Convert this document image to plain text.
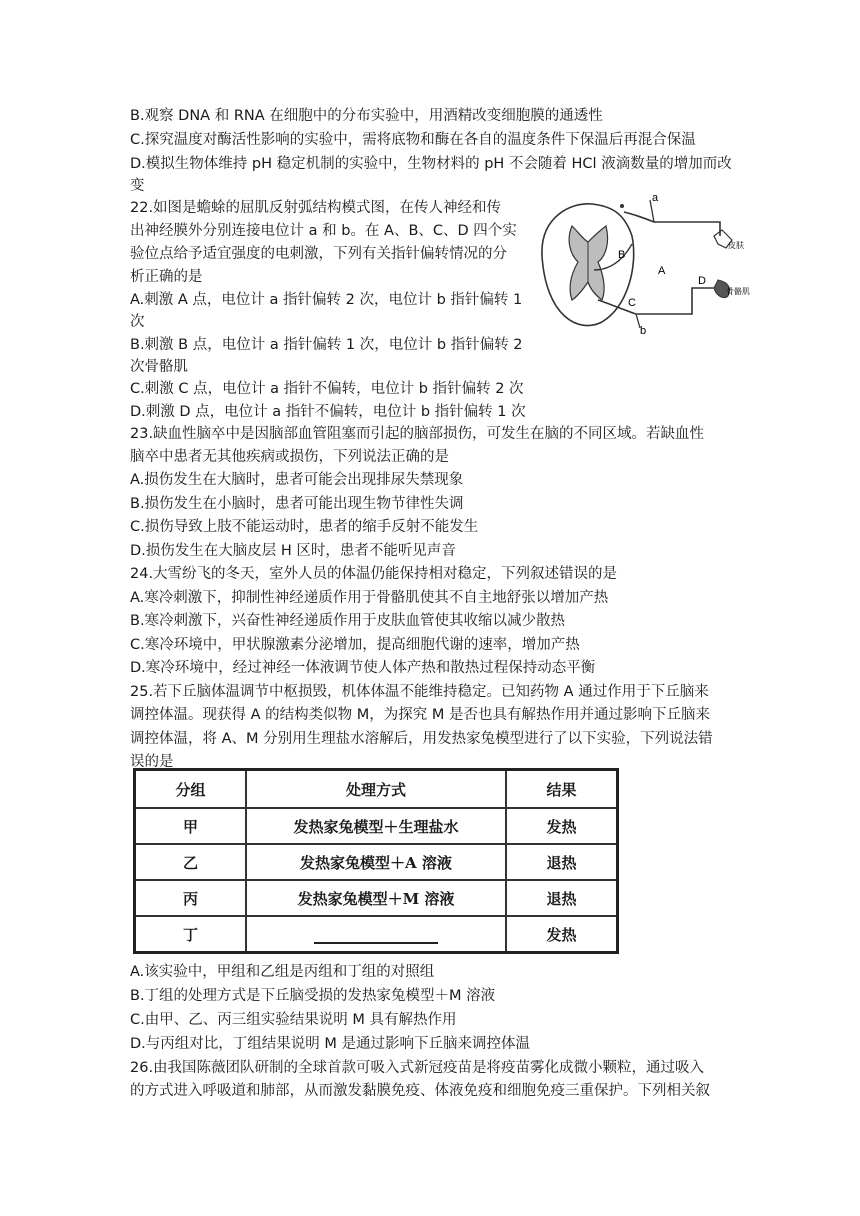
B.观察 DNA 和 RNA 在细胞中的分布实验中，用酒精改变细胞膜的通透性
C.探究温度对酶活性影响的实验中，需将底物和酶在各自的温度条件下保温后再混合保温
D.模拟生物体维持 pH 稳定机制的实验中，生物材料的 pH 不会随着 HCl 液滴数量的增加而改
变
22.如图是蟾蜍的屈肌反射弧结构模式图，在传人神经和传
出神经膜外分别连接电位计 a 和 b。在 A、B、C、D 四个实
验位点给予适宜强度的电刺激，下列有关指针偏转情况的分
析正确的是
A.刺激 A 点，电位计 a 指针偏转 2 次，电位计 b 指针偏转 1
次
B.刺激 B 点，电位计 a 指针偏转 1 次，电位计 b 指针偏转 2
次骨骼肌
C.刺激 C 点，电位计 a 指针不偏转，电位计 b 指针偏转 2 次
D.刺激 D 点，电位计 a 指针不偏转，电位计 b 指针偏转 1 次
a
b
A
B
C
D
皮肤
骨骼肌
23.缺血性脑卒中是因脑部血管阻塞而引起的脑部损伤，可发生在脑的不同区域。若缺血性
脑卒中患者无其他疾病或损伤，下列说法正确的是
A.损伤发生在大脑时，患者可能会出现排尿失禁现象
B.损伤发生在小脑时，患者可能出现生物节律性失调
C.损伤导致上肢不能运动时，患者的缩手反射不能发生
D.损伤发生在大脑皮层 H 区时，患者不能听见声音
24.大雪纷飞的冬天，室外人员的体温仍能保持相对稳定，下列叙述错误的是
A.寒冷刺激下，抑制性神经递质作用于骨骼肌使其不自主地舒张以增加产热
B.寒冷刺激下，兴奋性神经递质作用于皮肤血管使其收缩以减少散热
C.寒冷环境中，甲状腺激素分泌增加，提高细胞代谢的速率，增加产热
D.寒冷环境中，经过神经一体液调节使人体产热和散热过程保持动态平衡
25.若下丘脑体温调节中枢损毁，机体体温不能维持稳定。已知药物 A 通过作用于下丘脑来
调控体温。现获得 A 的结构类似物 M，为探究 M 是否也具有解热作用并通过影响下丘脑来
调控体温，将 A、M 分别用生理盐水溶解后，用发热家兔模型进行了以下实验，下列说法错
误的是
分组	处理方式	结果
甲	发热家兔模型＋生理盐水	发热
乙	发热家兔模型＋A 溶液	退热
丙	发热家兔模型＋M 溶液	退热
丁		发热
A.该实验中，甲组和乙组是丙组和丁组的对照组
B.丁组的处理方式是下丘脑受损的发热家兔模型＋M 溶液
C.由甲、乙、丙三组实验结果说明 M 具有解热作用
D.与丙组对比，丁组结果说明 M 是通过影响下丘脑来调控体温
26.由我国陈薇团队研制的全球首款可吸入式新冠疫苗是将疫苗雾化成微小颗粒，通过吸入
的方式进入呼吸道和肺部，从而激发黏膜免疫、体液免疫和细胞免疫三重保护。下列相关叙
